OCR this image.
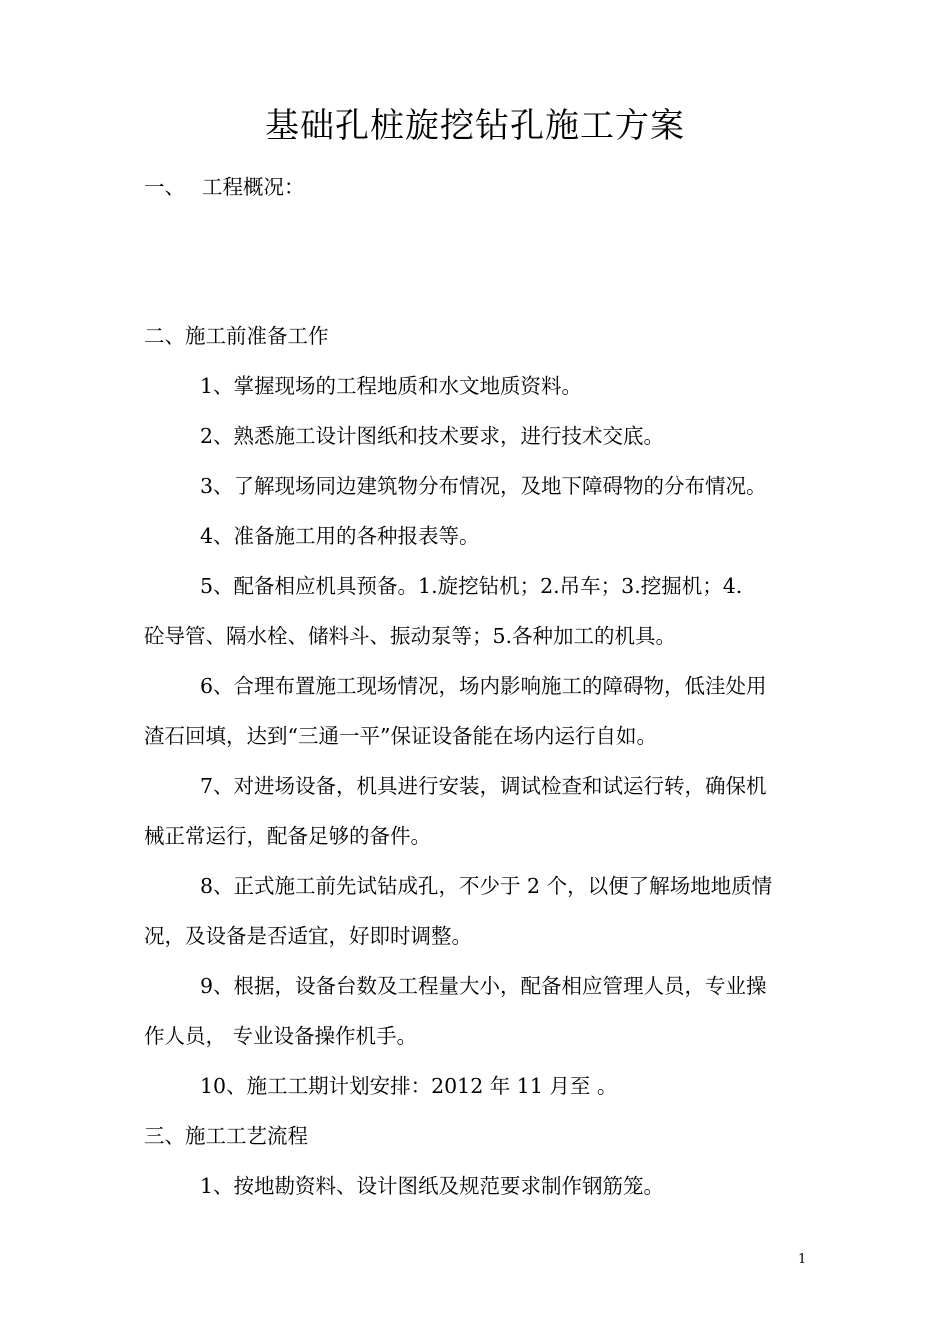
基础孔桩旋挖钻孔施工方案
一、 工程概况：
二、施工前准备工作
1、掌握现场的工程地质和水文地质资料。
2、熟悉施工设计图纸和技术要求，进行技术交底。
3、了解现场同边建筑物分布情况，及地下障碍物的分布情况。
4、准备施工用的各种报表等。
5、配备相应机具预备。1.旋挖钻机；2.吊车；3.挖掘机；4.
砼导管、隔水栓、储料斗、振动泵等；5.各种加工的机具。
6、合理布置施工现场情况，场内影响施工的障碍物，低洼处用
渣石回填，达到“三通一平”保证设备能在场内运行自如。
7、对进场设备，机具进行安装，调试检查和试运行转，确保机
械正常运行，配备足够的备件。
8、正式施工前先试钻成孔，不少于 2 个，以便了解场地地质情
况，及设备是否适宜，好即时调整。
9、根据，设备台数及工程量大小，配备相应管理人员，专业操
作人员， 专业设备操作机手。
10、施工工期计划安排：2012 年 11 月至 。
三、施工工艺流程
1、按地勘资料、设计图纸及规范要求制作钢筋笼。
1
